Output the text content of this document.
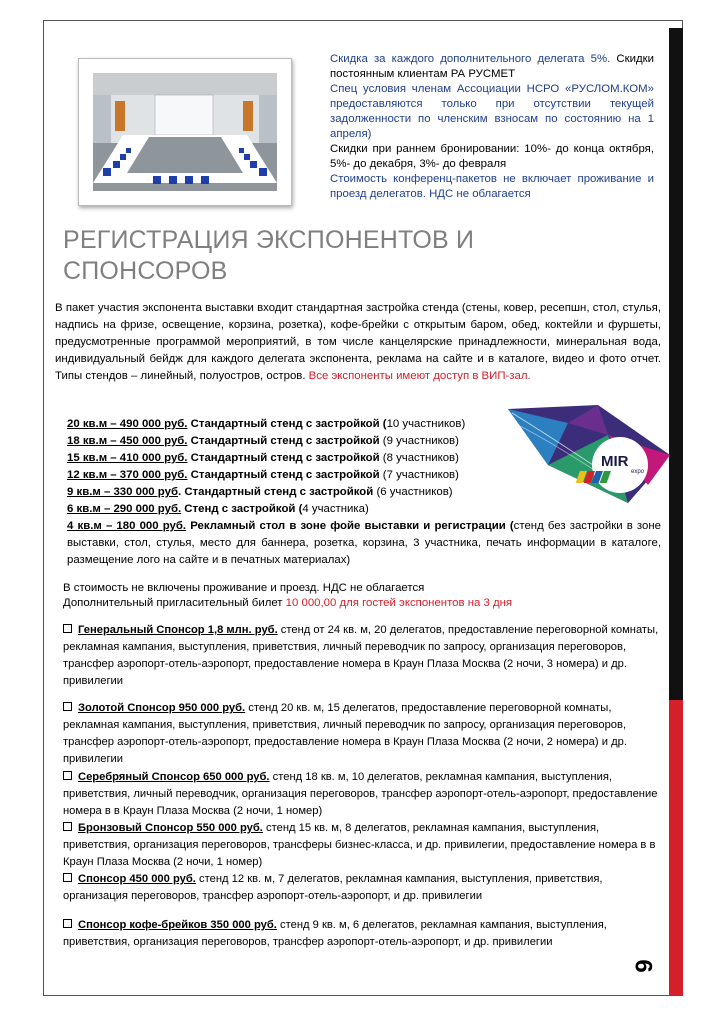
Скидка за каждого дополнительного делегата 5%. Скидки постоянным клиентам РА РУСМЕТ
Спец условия членам Ассоциации НСРО «РУСЛОМ.КОМ» предоставляются только при отсутствии текущей задолженности по членским взносам по состоянию на 1 апреля)
Скидки при раннем бронировании: 10%- до конца октября, 5%- до декабря, 3%- до февраля
Стоимость конференц-пакетов не включает проживание и проезд делегатов. НДС не облагается
РЕГИСТРАЦИЯ ЭКСПОНЕНТОВ И
СПОНСОРОВ
В пакет участия экспонента выставки входит стандартная застройка стенда (стены, ковер, ресепшн, стол, стулья, надпись на фризе, освещение, корзина, розетка), кофе-брейки с открытым баром, обед, коктейли и фуршеты, предусмотренные программой мероприятий, в том числе канцелярские принадлежности, минеральная вода, индивидуальный бейдж для каждого делегата экспонента, реклама на сайте и в каталоге, видео и фото отчет. Типы стендов – линейный, полуостров, остров. Все экспоненты имеют доступ в ВИП-зал.
MIR
expo
20 кв.м – 490 000 руб. Стандартный стенд с застройкой (10 участников)
18 кв.м – 450 000 руб. Стандартный стенд с застройкой (9 участников)
15 кв.м – 410 000 руб. Стандартный стенд с застройкой (8 участников)
12 кв.м – 370 000 руб. Стандартный стенд с застройкой (7 участников)
9 кв.м – 330 000 руб. Стандартный стенд с застройкой (6 участников)
6 кв.м – 290 000 руб. Стенд с застройкой (4 участника)
4 кв.м – 180 000 руб. Рекламный стол в зоне фойе выставки и регистрации (стенд без застройки в зоне выставки, стол, стулья, место для баннера, розетка, корзина, 3 участника, печать информации в каталоге, размещение лого на сайте и в печатных материалах)
В стоимость не включены проживание и проезд. НДС не облагается
Дополнительный пригласительный билет 10 000,00 для гостей экспонентов на 3 дня
Генеральный Спонсор 1,8 млн. руб. стенд от 24 кв. м, 20 делегатов, предоставление переговорной комнаты, рекламная кампания, выступления, приветствия, личный переводчик по запросу, организация переговоров, трансфер аэропорт-отель-аэропорт, предоставление номера в Краун Плаза Москва (2 ночи, 3 номера) и др. привилегии
Золотой Спонсор 950 000 руб. стенд 20 кв. м, 15 делегатов, предоставление переговорной комнаты, рекламная кампания, выступления, приветствия, личный переводчик по запросу, организация переговоров, трансфер аэропорт-отель-аэропорт, предоставление номера в Краун Плаза Москва (2 ночи, 2 номера) и др. привилегии
Серебряный Спонсор 650 000 руб. стенд 18 кв. м, 10 делегатов, рекламная кампания, выступления, приветствия, личный переводчик, организация переговоров, трансфер аэропорт-отель-аэропорт, предоставление номера в в Краун Плаза Москва (2 ночи, 1 номер)
Бронзовый Спонсор 550 000 руб. стенд 15 кв. м, 8 делегатов, рекламная кампания, выступления, приветствия, организация переговоров, трансферы бизнес-класса, и др. привилегии, предоставление номера в в Краун Плаза Москва (2 ночи, 1 номер)
Спонсор 450 000 руб. стенд 12 кв. м, 7 делегатов, рекламная кампания, выступления, приветствия, организация переговоров, трансфер аэропорт-отель-аэропорт, и др. привилегии
Спонсор кофе-брейков 350 000 руб. стенд 9 кв. м, 6 делегатов, рекламная кампания, выступления, приветствия, организация переговоров, трансфер аэропорт-отель-аэропорт, и др. привилегии
6
